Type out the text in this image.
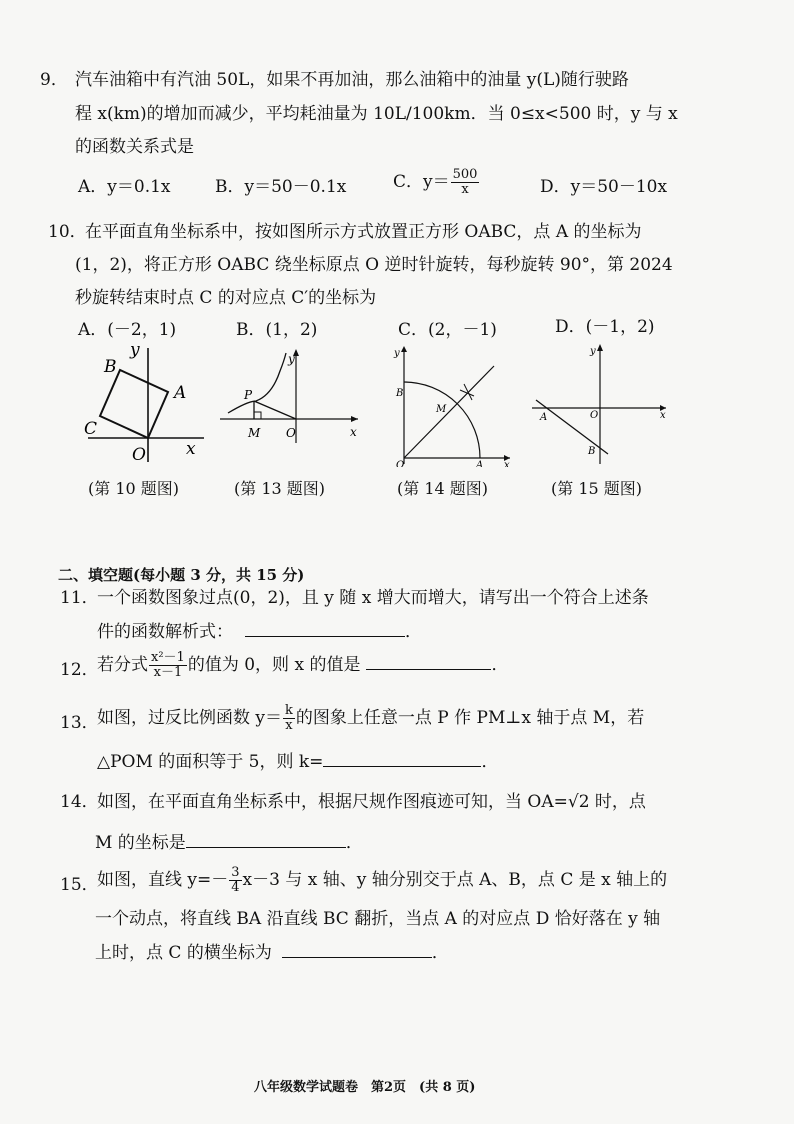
9． 汽车油箱中有汽油 50L，如果不再加油，那么油箱中的油量 y(L)随行驶路
程 x(km)的增加而减少，平均耗油量为 10L/100km．当 0≤x<500 时，y 与 x
的函数关系式是
A．y＝0.1x	B．y＝50－0.1x	C．$y= \frac{500}{x}$	D．y＝50－10x
10．
在平面直角坐标系中，按如图所示方式放置正方形 OABC，点 A 的坐标为
(1，2)，将正方形 OABC 绕坐标原点 O 逆时针旋转，每秒旋转 90°，第 2024
秒旋转结束时点 C 的对应点 C′的坐标为
A．(－2，1)	B．(1，2)	C．(2，－1)	D．(－1，2)
y
x
O
A
B
C
y
x
O
P
M
y
x
O	A
B
M
y
x
O
A
B
(第 10 题图)	(第 13 题图)	(第 14 题图)	(第 15 题图)
二、填空题(每小题 3 分，共 15 分)
11．
一个函数图象过点(0，2)，且 y 随 x 增大而增大，请写出一个符合上述条
件的函数解析式：	．
12．
若分式 $\frac{\text{x²－1}}{x-1}$ 的值为 0，则 x 的值是	．
13．
如图，过反比例函数 $y= \frac{k}{x}$ 的图象上任意一点 P 作 PM⊥x 轴于点 M，若
△POM 的面积等于 5，则 k=	．
14．
如图，在平面直角坐标系中，根据尺规作图痕迹可知，当 OA=√2 时，点
M 的坐标是	．
15．
如图，直线 $y=- \frac{3}{4} x-3$ 与 x 轴、y 轴分别交于点 A、B，点 C 是 x 轴上的
一个动点，将直线 BA 沿直线 BC 翻折，当点 A 的对应点 D 恰好落在 y 轴
上时，点 C 的横坐标为	．
八年级数学试题卷　第2页　(共 8 页)
